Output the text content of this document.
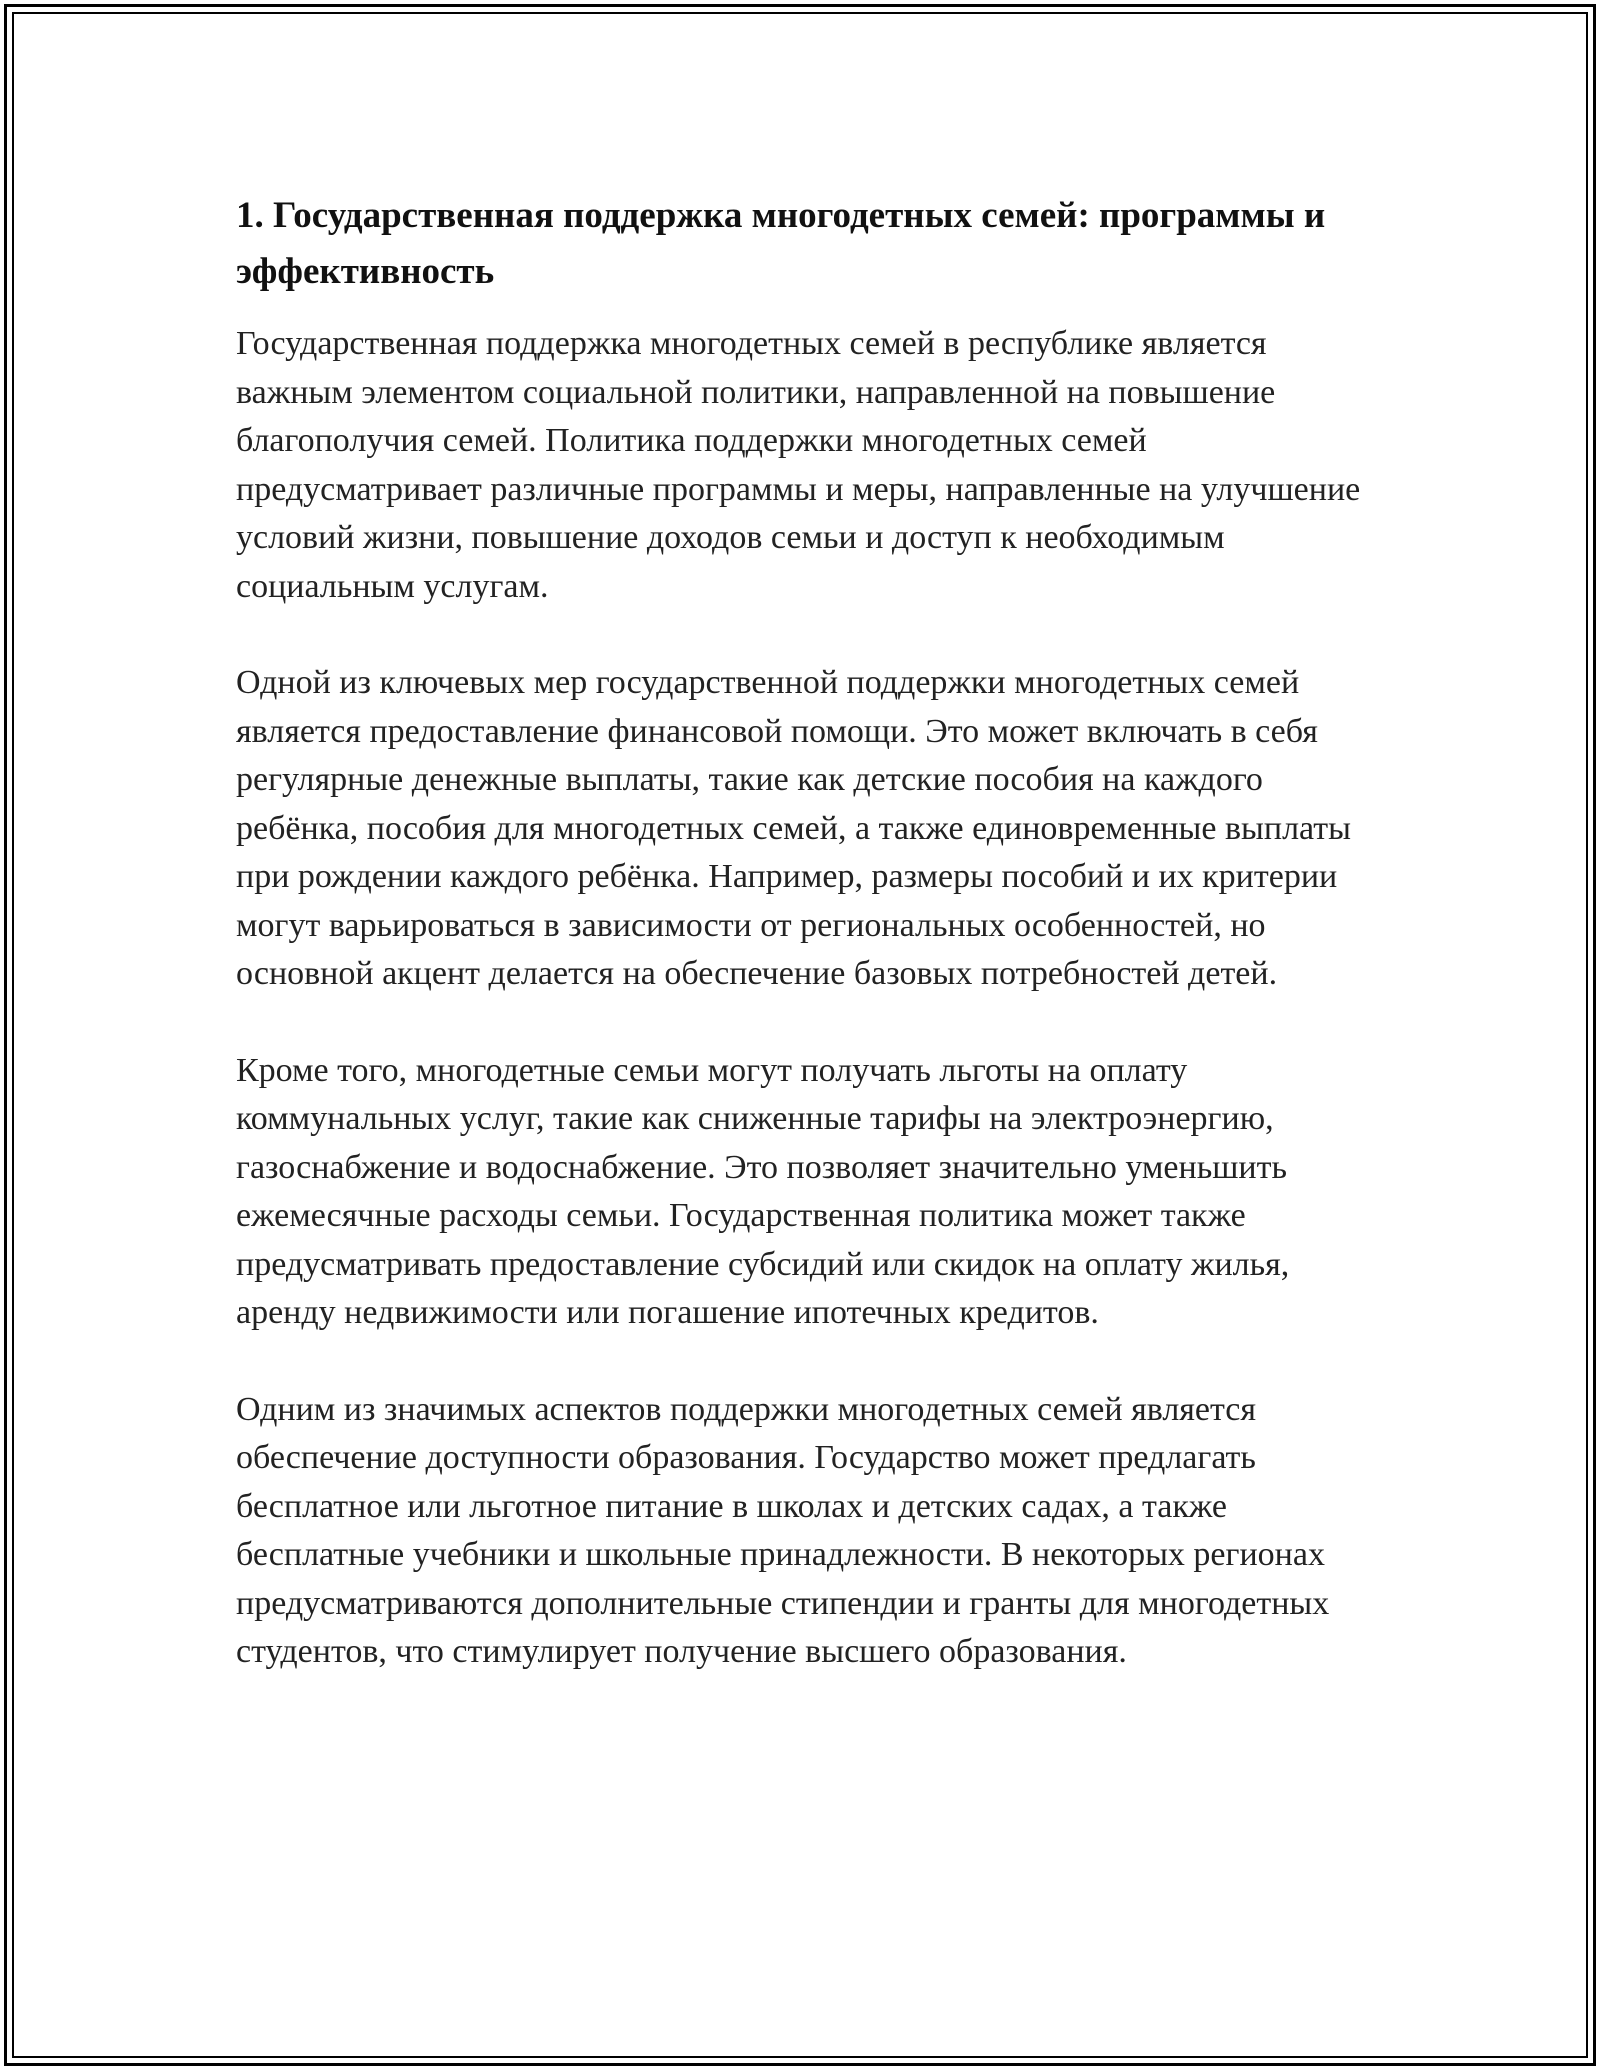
1. Государственная поддержка многодетных семей: программы и эффективность

Государственная поддержка многодетных семей в республике является важным элементом социальной политики, направленной на повышение благополучия семей. Политика поддержки многодетных семей предусматривает различные программы и меры, направленные на улучшение условий жизни, повышение доходов семьи и доступ к необходимым социальным услугам.

Одной из ключевых мер государственной поддержки многодетных семей является предоставление финансовой помощи. Это может включать в себя регулярные денежные выплаты, такие как детские пособия на каждого ребёнка, пособия для многодетных семей, а также единовременные выплаты при рождении каждого ребёнка. Например, размеры пособий и их критерии могут варьироваться в зависимости от региональных особенностей, но основной акцент делается на обеспечение базовых потребностей детей.

Кроме того, многодетные семьи могут получать льготы на оплату коммунальных услуг, такие как сниженные тарифы на электроэнергию, газоснабжение и водоснабжение. Это позволяет значительно уменьшить ежемесячные расходы семьи. Государственная политика может также предусматривать предоставление субсидий или скидок на оплату жилья, аренду недвижимости или погашение ипотечных кредитов.

Одним из значимых аспектов поддержки многодетных семей является обеспечение доступности образования. Государство может предлагать бесплатное или льготное питание в школах и детских садах, а также бесплатные учебники и школьные принадлежности. В некоторых регионах предусматриваются дополнительные стипендии и гранты для многодетных студентов, что стимулирует получение высшего образования.
